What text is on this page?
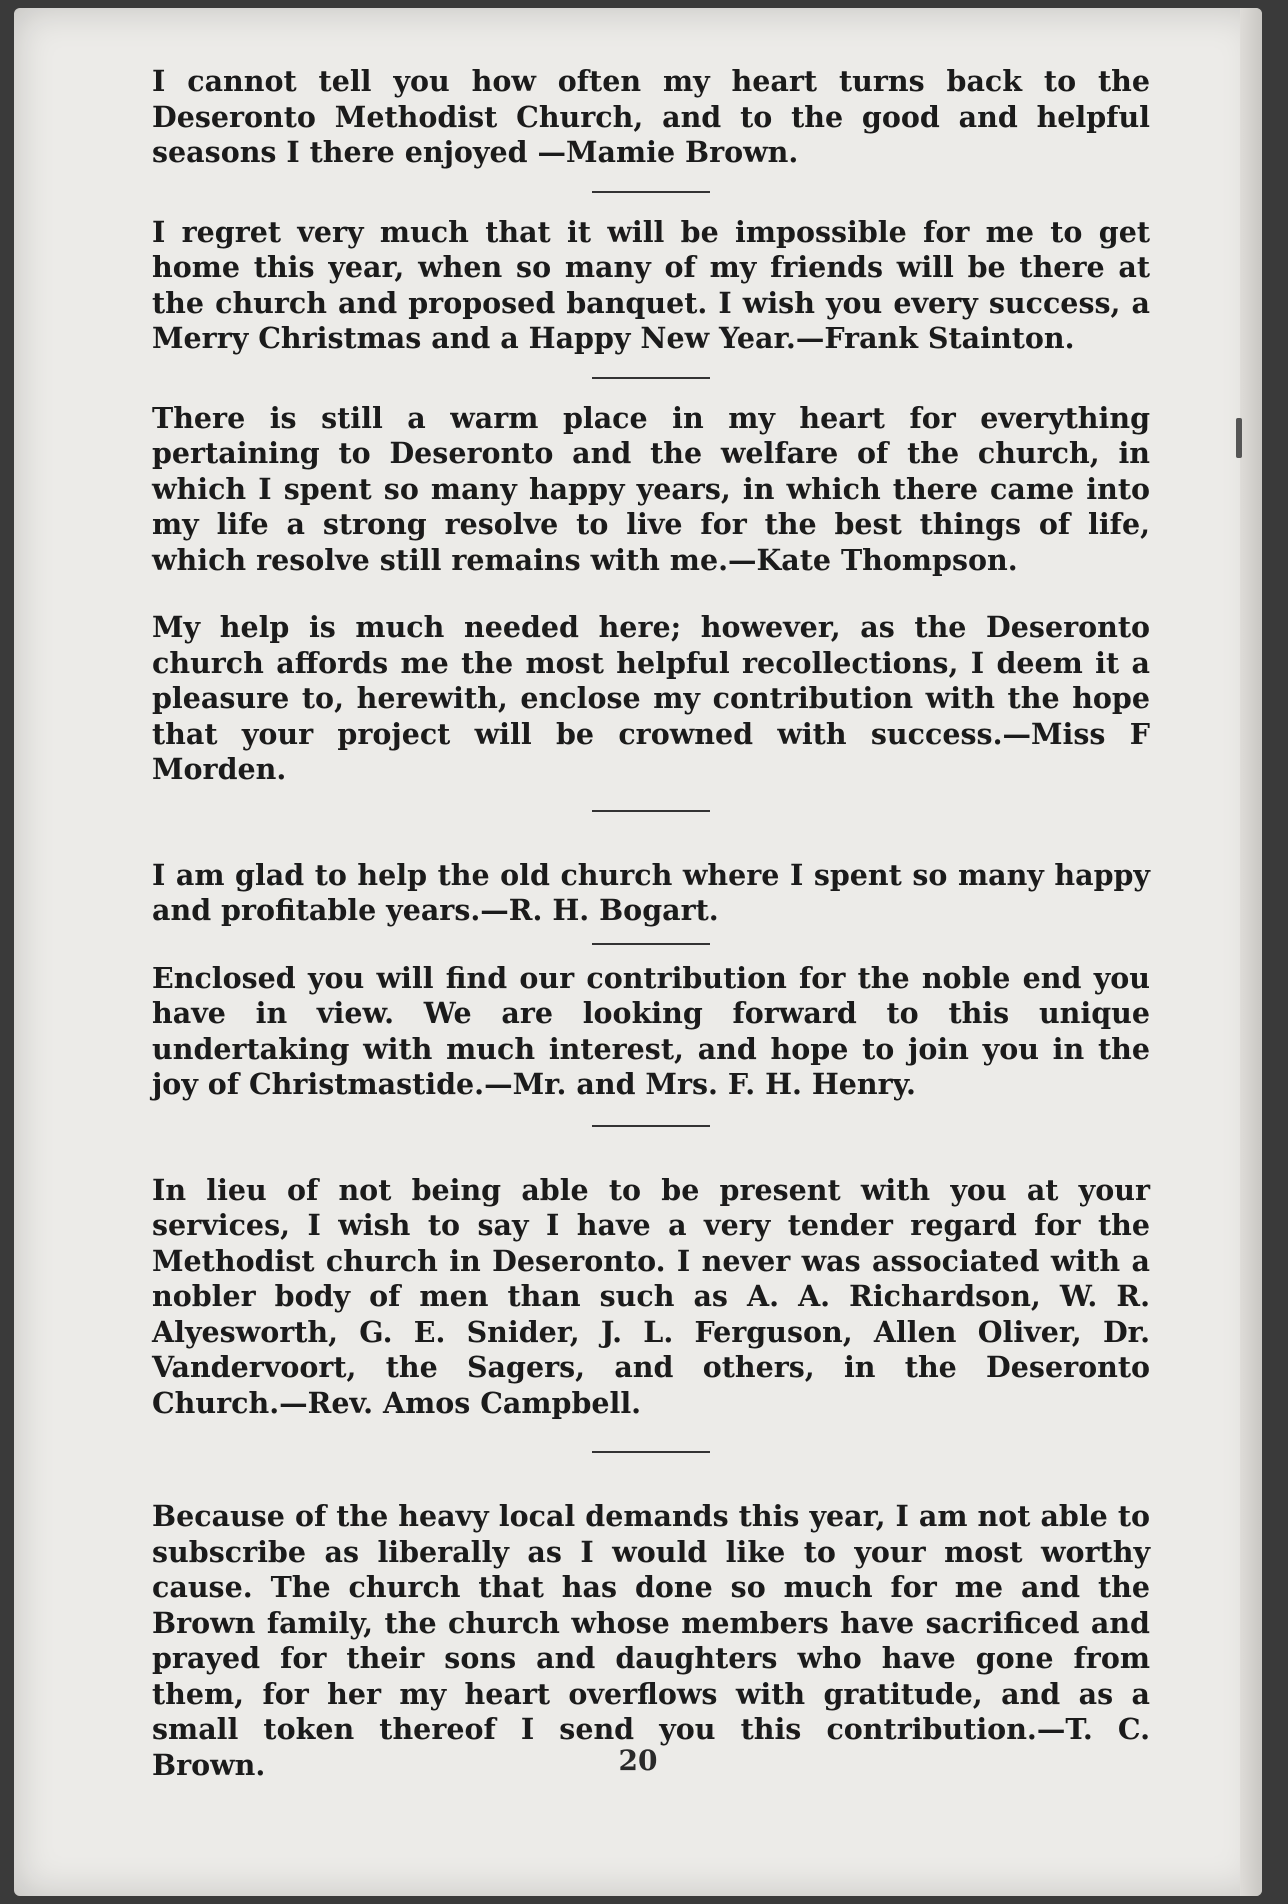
I cannot tell you how often my heart turns back to the Deseronto Methodist Church, and to the good and helpful seasons I there enjoyed —Mamie Brown.

I regret very much that it will be impossible for me to get home this year, when so many of my friends will be there at the church and proposed banquet. I wish you every success, a Merry Christmas and a Happy New Year.—Frank Stainton.

There is still a warm place in my heart for everything pertaining to Deseronto and the welfare of the church, in which I spent so many happy years, in which there came into my life a strong resolve to live for the best things of life, which resolve still remains with me.—Kate Thompson.

My help is much needed here; however, as the Deseronto church affords me the most helpful recollections, I deem it a pleasure to, herewith, enclose my contribution with the hope that your project will be crowned with success.—Miss F Morden.

I am glad to help the old church where I spent so many happy and profitable years.—R. H. Bogart.

Enclosed you will find our contribution for the noble end you have in view. We are looking forward to this unique undertaking with much interest, and hope to join you in the joy of Christmastide.—Mr. and Mrs. F. H. Henry.

In lieu of not being able to be present with you at your services, I wish to say I have a very tender regard for the Methodist church in Deseronto. I never was associated with a nobler body of men than such as A. A. Richardson, W. R. Alyesworth, G. E. Snider, J. L. Ferguson, Allen Oliver, Dr. Vandervoort, the Sagers, and others, in the Deseronto Church.—Rev. Amos Campbell.

Because of the heavy local demands this year, I am not able to subscribe as liberally as I would like to your most worthy cause. The church that has done so much for me and the Brown family, the church whose members have sacrificed and prayed for their sons and daughters who have gone from them, for her my heart overflows with gratitude, and as a small token thereof I send you this contribution.—T. C. Brown.	20
